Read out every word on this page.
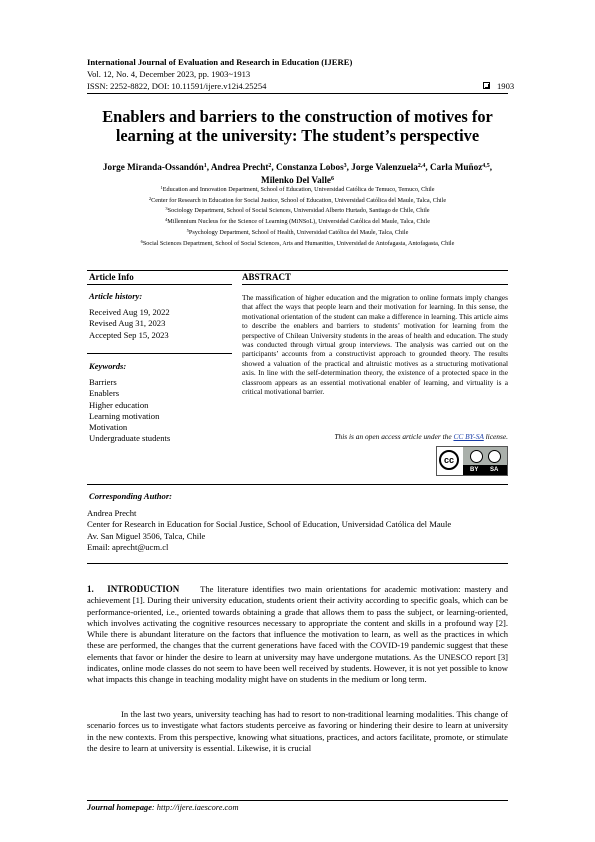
International Journal of Evaluation and Research in Education (IJERE)
Vol. 12, No. 4, December 2023, pp. 1903~1913
ISSN: 2252-8822, DOI: 10.11591/ijere.v12i4.25254	1903
Enablers and barriers to the construction of motives for
learning at the university: The student’s perspective
Jorge Miranda-Ossandón$^1$, Andrea Precht$^2$, Constanza Lobos$^3$, Jorge Valenzuela$^{2,4}$, Carla Muñoz$^{4,5}$,
Milenko Del Valle$^6$
$^1$Education and Innovation Department, School of Education, Universidad Católica de Temuco, Temuco, Chile
$^2$Center for Research in Education for Social Justice, School of Education, Universidad Católica del Maule, Talca, Chile
$^3$Sociology Department, School of Social Sciences, Universidad Alberto Hurtado, Santiago de Chile, Chile
$^4$Millennium Nucleus for the Science of Learning (MiNSoL), Universidad Católica del Maule, Talca, Chile
$^5$Psychology Department, School of Health, Universidad Católica del Maule, Talca, Chile
$^6$Social Sciences Department, School of Social Sciences, Arts and Humanities, Universidad de Antofagasta, Antofagasta, Chile
Article Info	ABSTRACT
Article history:
Received Aug 19, 2022
Revised Aug 31, 2023
Accepted Sep 15, 2023
Keywords:
Barriers
Enablers
Higher education
Learning motivation
Motivation
Undergraduate students
The massification of higher education and the migration to online formats imply changes that affect the ways that people learn and their motivation for learning. In this sense, the motivational orientation of the student can make a difference in learning. This article aims to describe the enablers and barriers to students’ motivation for learning from the perspective of Chilean University students in the areas of health and education. The study was conducted through virtual group interviews. The analysis was carried out on the participants’ accounts from a constructivist approach to grounded theory. The results showed a valuation of the practical and altruistic motives as a structuring motivational axis. In line with the self-determination theory, the existence of a protected space in the classroom appears as an essential motivational enabler of learning, and virtuality is a critical motivational barrier.
This is an open access article under the CC BY-SA license.
cc
BY SA
Corresponding Author:
Andrea Precht
Center for Research in Education for Social Justice, School of Education, Universidad Católica del Maule
Av. San Miguel 3506, Talca, Chile
Email: aprecht@ucm.cl
1.      INTRODUCTION	The literature identifies two main orientations for academic motivation: mastery and achievement [1]. During their university education, students orient their activity according to specific goals, which can be performance-oriented, i.e., oriented towards obtaining a grade that allows them to pass the subject, or learning-oriented, which involves activating the cognitive resources necessary to appropriate the content and skills in a profound way [2]. While there is abundant literature on the factors that influence the motivation to learn, as well as the practices in which these are performed, the changes that the current generations have faced with the COVID-19 pandemic suggest that these elements that favor or hinder the desire to learn at university may have undergone mutations. As the UNESCO report [3] indicates, online mode classes do not seem to have been well received by students. However, it is not yet possible to know what impacts this change in teaching modality might have on students in the medium or long term.
In the last two years, university teaching has had to resort to non-traditional learning modalities. This change of scenario forces us to investigate what factors students perceive as favoring or hindering their desire to learn at university in the new contexts. From this perspective, knowing what situations, practices, and actors facilitate, promote, or stimulate the desire to learn at university is essential. Likewise, it is crucial
Journal homepage: http://ijere.iaescore.com
